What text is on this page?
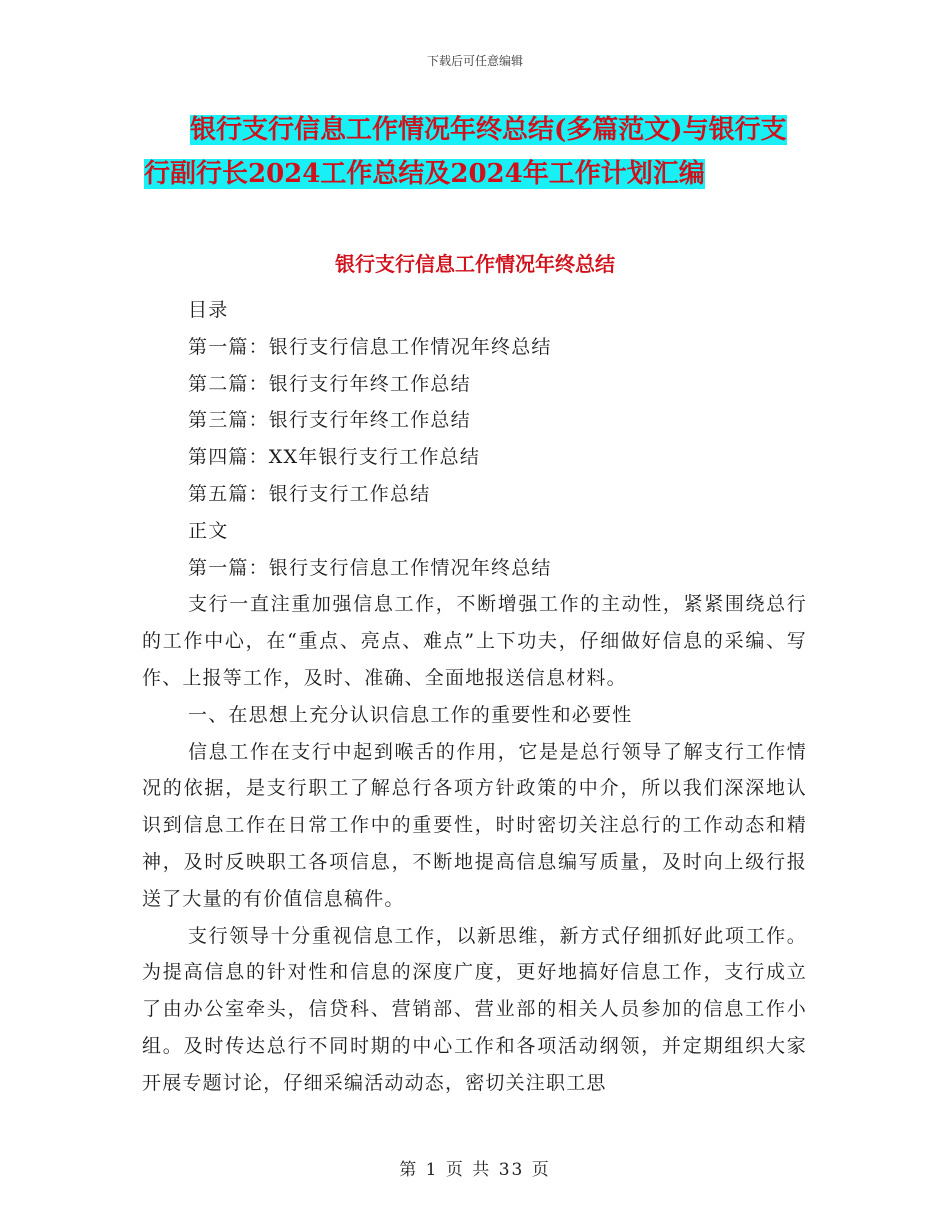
下载后可任意编辑
银行支行信息工作情况年终总结(多篇范文)与银行支
行副行长2024工作总结及2024年工作计划汇编
银行支行信息工作情况年终总结

目录

第一篇：银行支行信息工作情况年终总结

第二篇：银行支行年终工作总结

第三篇：银行支行年终工作总结

第四篇：XX年银行支行工作总结

第五篇：银行支行工作总结

正文

第一篇：银行支行信息工作情况年终总结

支行一直注重加强信息工作，不断增强工作的主动性，紧紧围绕总行的工作中心，在“重点、亮点、难点”上下功夫，仔细做好信息的采编、写作、上报等工作，及时、准确、全面地报送信息材料。

一、在思想上充分认识信息工作的重要性和必要性

信息工作在支行中起到喉舌的作用，它是是总行领导了解支行工作情况的依据，是支行职工了解总行各项方针政策的中介，所以我们深深地认识到信息工作在日常工作中的重要性，时时密切关注总行的工作动态和精神，及时反映职工各项信息，不断地提高信息编写质量，及时向上级行报送了大量的有价值信息稿件。

支行领导十分重视信息工作，以新思维，新方式仔细抓好此项工作。为提高信息的针对性和信息的深度广度，更好地搞好信息工作，支行成立了由办公室牵头，信贷科、营销部、营业部的相关人员参加的信息工作小组。及时传达总行不同时期的中心工作和各项活动纲领，并定期组织大家开展专题讨论，仔细采编活动动态，密切关注职工思

第 1 页 共 33 页
